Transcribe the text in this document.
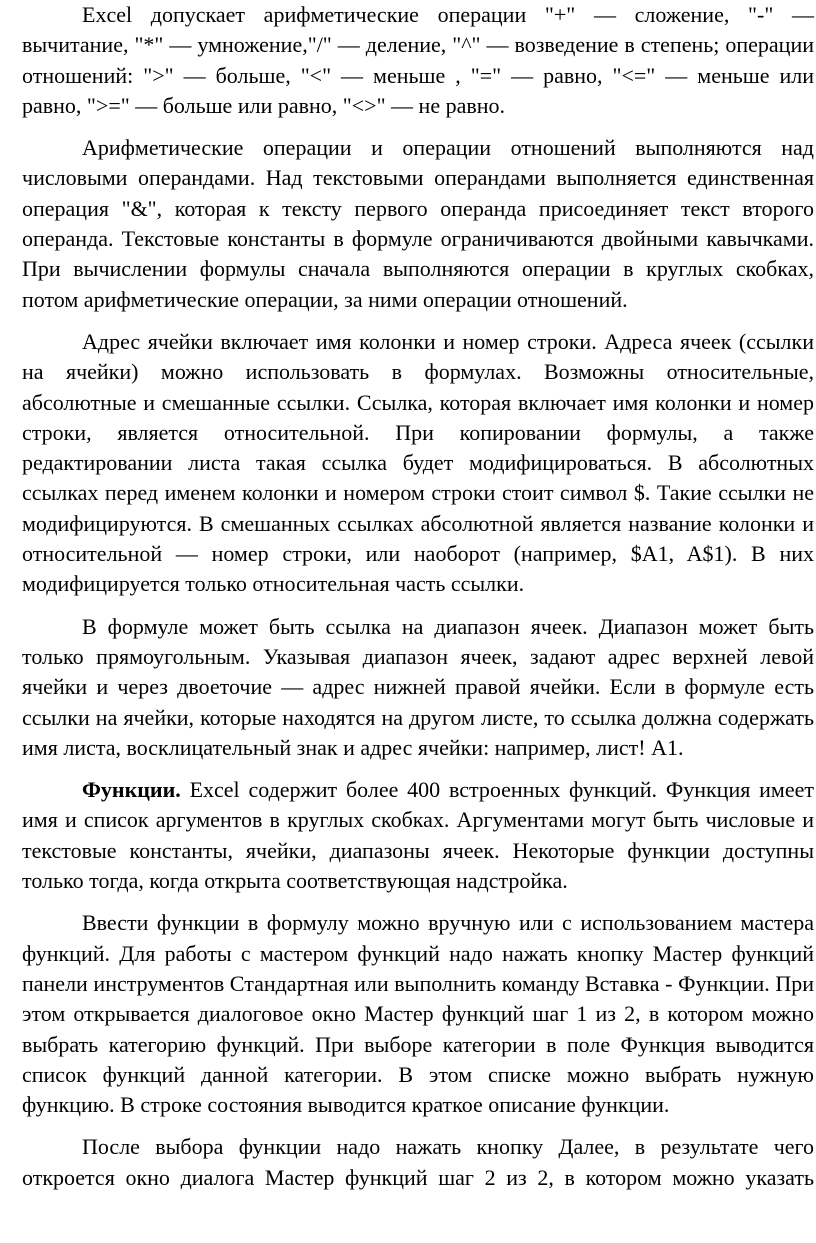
Excel допускает арифметические операции "+" — сложение, "-" — вычитание, "*" — умножение,"/" — деление, "^" — возведение в степень; операции отношений: ">" — больше, "<" — меньше , "=" — равно, "<=" — меньше или равно, ">=" — больше или равно, "<>" — не равно.

Арифметические операции и операции отношений выполняются над числовыми операндами. Над текстовыми операндами выполняется единственная операция "&", которая к тексту первого операнда присоединяет текст второго операнда. Текстовые константы в формуле ограничиваются двойными кавычками. При вычислении формулы сначала выполняются операции в круглых скобках, потом арифметические операции, за ними операции отношений.

Адрес ячейки включает имя колонки и номер строки. Адреса ячеек (ссылки на ячейки) можно использовать в формулах. Возможны относительные, абсолютные и смешанные ссылки. Ссылка, которая включает имя колонки и номер строки, является относительной. При копировании формулы, а также редактировании листа такая ссылка будет модифицироваться. В абсолютных ссылках перед именем колонки и номером строки стоит символ $. Такие ссылки не модифицируются. В смешанных ссылках абсолютной является название колонки и относительной — номер строки, или наоборот (например, $A1, A$1). В них модифицируется только относительная часть ссылки.

В формуле может быть ссылка на диапазон ячеек. Диапазон может быть только прямоугольным. Указывая диапазон ячеек, задают адрес верхней левой ячейки и через двоеточие — адрес нижней правой ячейки. Если в формуле есть ссылки на ячейки, которые находятся на другом листе, то ссылка должна содержать имя листа, восклицательный знак и адрес ячейки: например, лист! А1.

Функции. Excel содержит более 400 встроенных функций. Функция имеет имя и список аргументов в круглых скобках. Аргументами могут быть числовые и текстовые константы, ячейки, диапазоны ячеек. Некоторые функции доступны только тогда, когда открыта соответствующая надстройка.

Ввести функции в формулу можно вручную или с использованием мастера функций. Для работы с мастером функций надо нажать кнопку Мастер функций панели инструментов Стандартная или выполнить команду Вставка - Функции. При этом открывается диалоговое окно Мастер функций шаг 1 из 2, в котором можно выбрать категорию функций. При выборе категории в поле Функция выводится список функций данной категории. В этом списке можно выбрать нужную функцию. В строке состояния выводится краткое описание функции.

После выбора функции надо нажать кнопку Далее, в результате чего откроется окно диалога Мастер функций шаг 2 из 2, в котором можно указать
